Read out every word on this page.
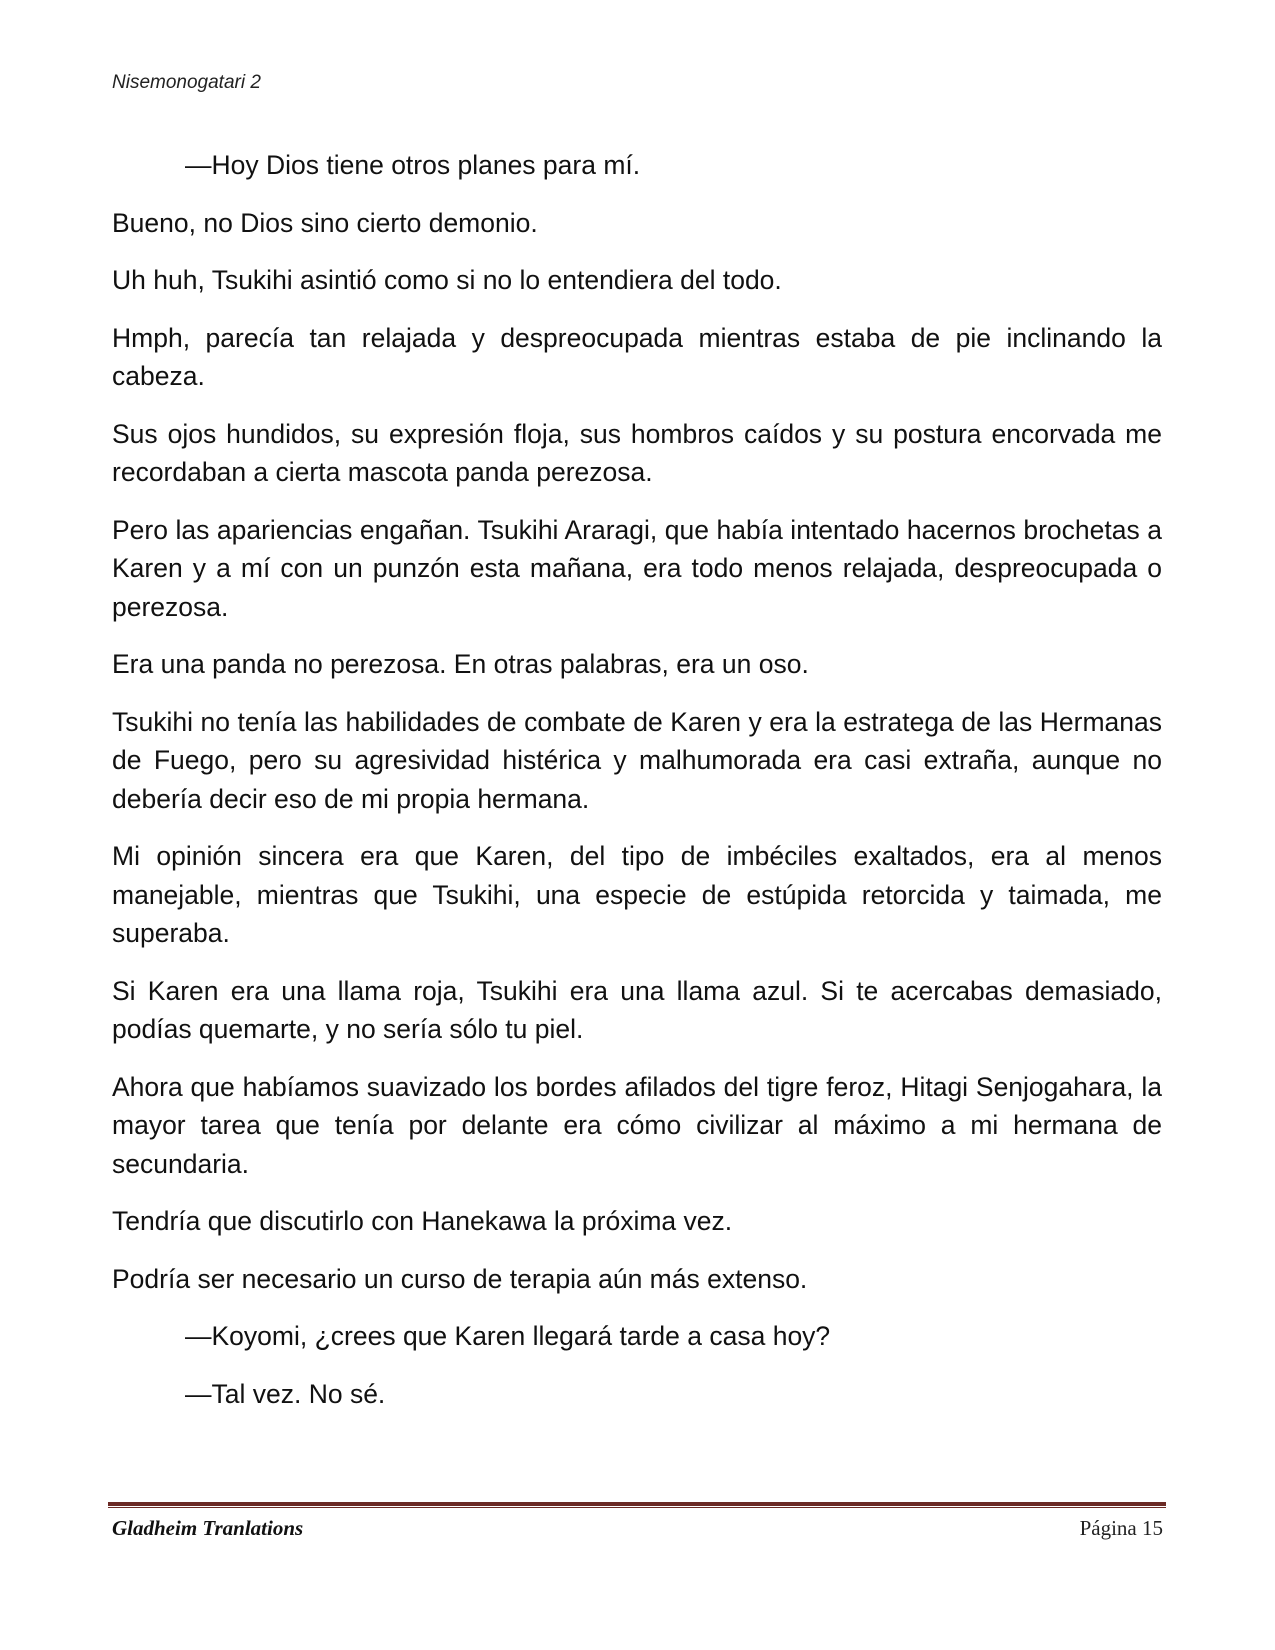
Nisemonogatari 2

—Hoy Dios tiene otros planes para mí.

Bueno, no Dios sino cierto demonio.

Uh huh, Tsukihi asintió como si no lo entendiera del todo.

Hmph, parecía tan relajada y despreocupada mientras estaba de pie inclinando la cabeza.

Sus ojos hundidos, su expresión floja, sus hombros caídos y su postura encorvada me recordaban a cierta mascota panda perezosa.

Pero las apariencias engañan. Tsukihi Araragi, que había intentado hacernos brochetas a Karen y a mí con un punzón esta mañana, era todo menos relajada, despreocupada o perezosa.

Era una panda no perezosa. En otras palabras, era un oso.

Tsukihi no tenía las habilidades de combate de Karen y era la estratega de las Hermanas de Fuego, pero su agresividad histérica y malhumorada era casi extraña, aunque no debería decir eso de mi propia hermana.

Mi opinión sincera era que Karen, del tipo de imbéciles exaltados, era al menos manejable, mientras que Tsukihi, una especie de estúpida retorcida y taimada, me superaba.

Si Karen era una llama roja, Tsukihi era una llama azul. Si te acercabas demasiado, podías quemarte, y no sería sólo tu piel.

Ahora que habíamos suavizado los bordes afilados del tigre feroz, Hitagi Senjogahara, la mayor tarea que tenía por delante era cómo civilizar al máximo a mi hermana de secundaria.

Tendría que discutirlo con Hanekawa la próxima vez.

Podría ser necesario un curso de terapia aún más extenso.

—Koyomi, ¿crees que Karen llegará tarde a casa hoy?

—Tal vez. No sé.

Gladheim Tranlations	Página 15
